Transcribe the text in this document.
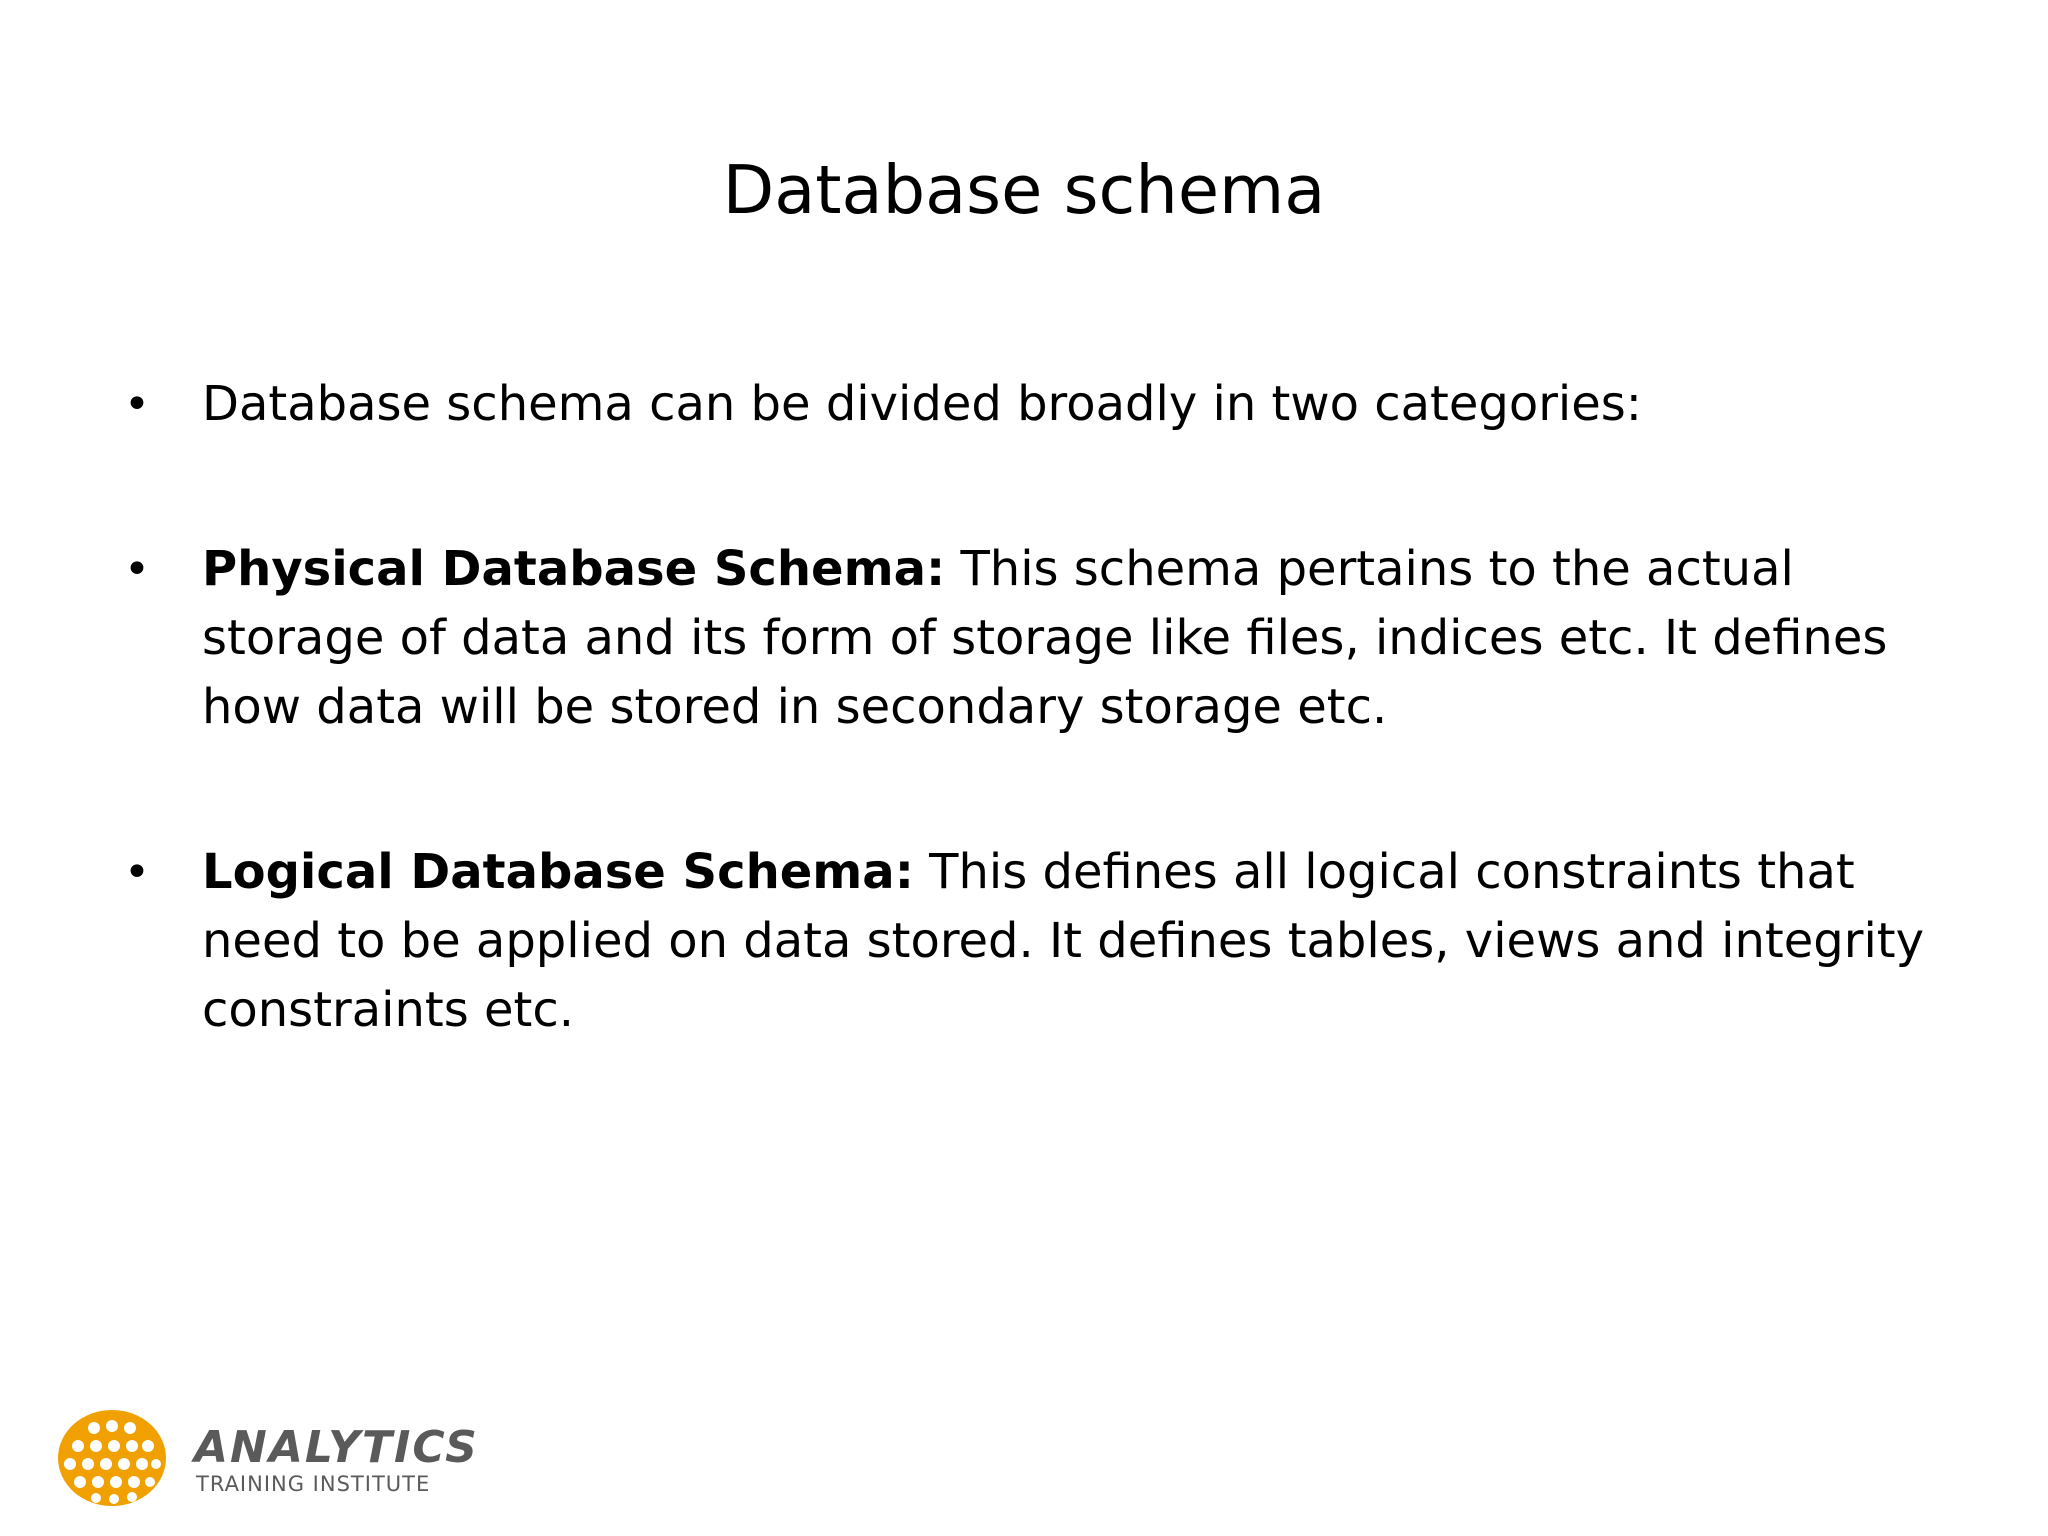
Database schema
• Database schema can be divided broadly in two categories:
• Physical Database Schema: This schema pertains to the actual storage of data and its form of storage like files, indices etc. It defines how data will be stored in secondary storage etc.
• Logical Database Schema: This defines all logical constraints that need to be applied on data stored. It defines tables, views and integrity constraints etc.
ANALYTICS
TRAINING INSTITUTE
